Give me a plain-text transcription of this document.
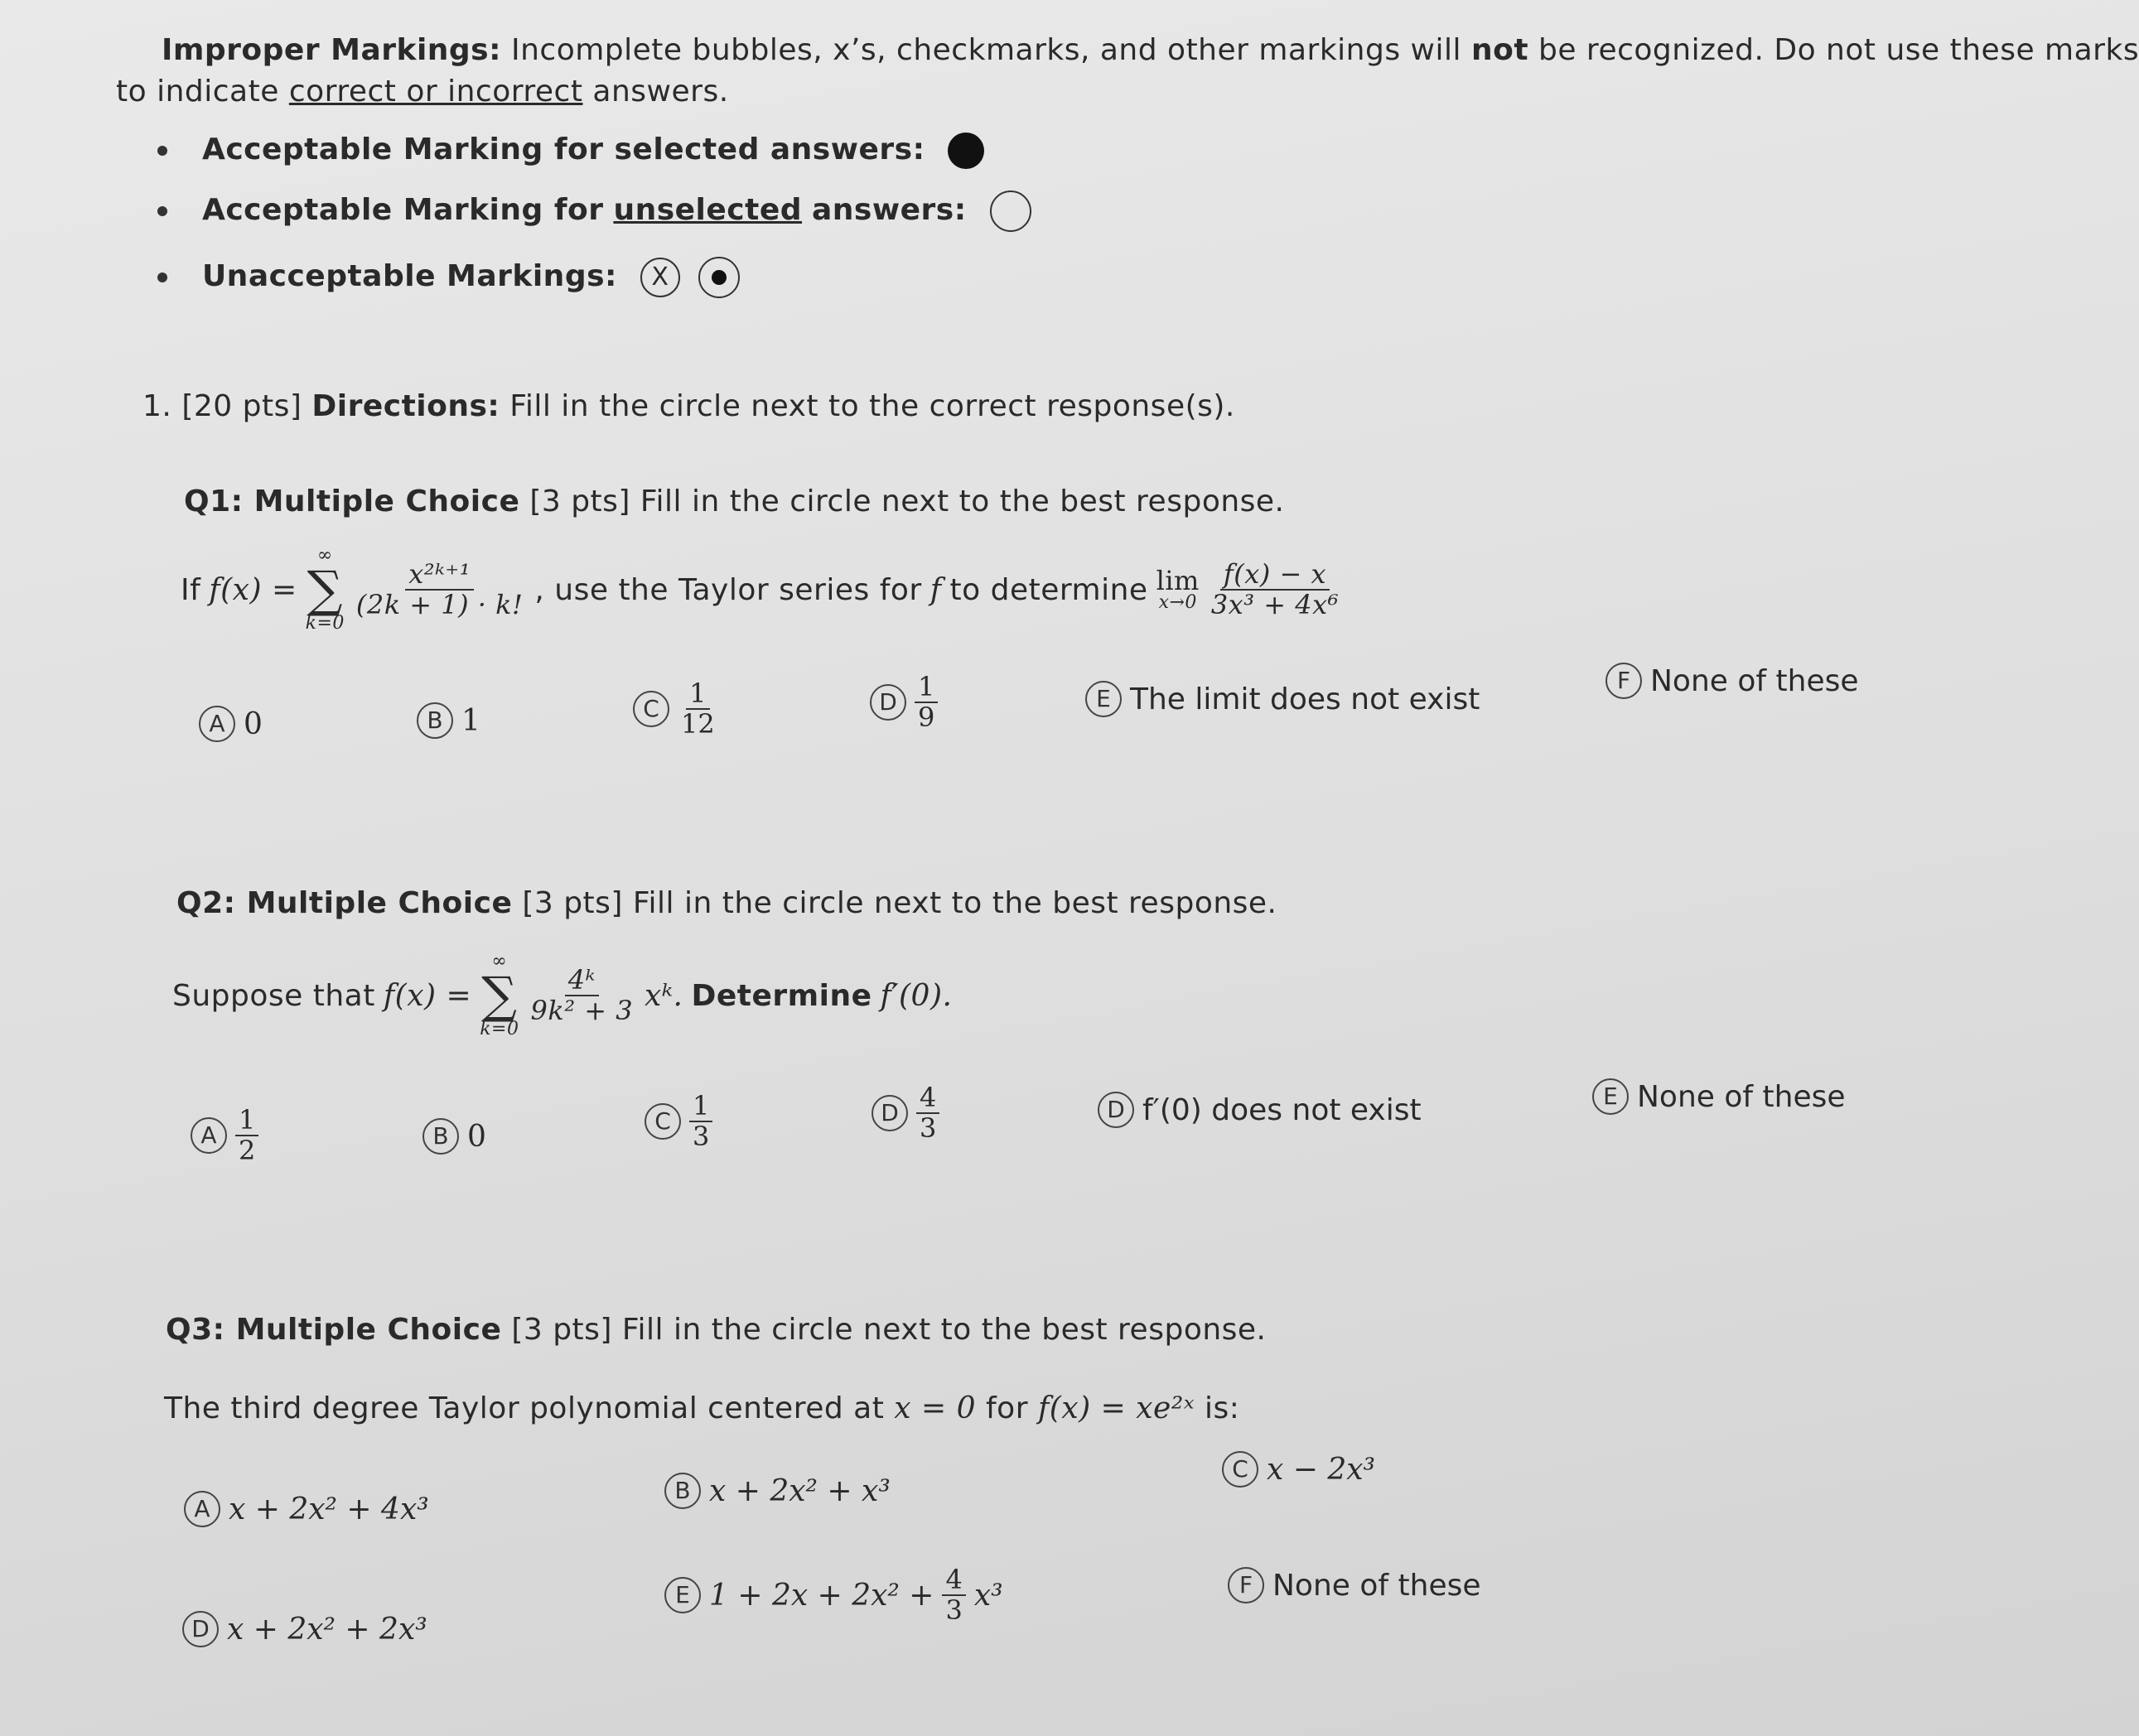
Improper Markings: Incomplete bubbles, x’s, checkmarks, and other markings will not be recognized. Do not use these marks
to indicate correct or incorrect answers.
Acceptable Marking for selected answers:
Acceptable Marking for unselected answers:
Unacceptable Markings: X
1. [20 pts] Directions: Fill in the circle next to the correct response(s).
Q1: Multiple Choice [3 pts] Fill in the circle next to the best response.
If f(x) =
∞
∑
k=0
$\frac{\text{x²ᵏ⁺¹}}{(2k + 1) \cdot k!}$ , use the Taylor series for f to determine lim
$x\to 0 \frac{f(x) - x}{\text{3x³ + 4x⁶}}$
A 0	B 1	C $\frac{1}{12}$	D $\frac{1}{9}$	E The limit does not exist
F None of these
Q2: Multiple Choice [3 pts] Fill in the circle next to the best response.
Suppose that f(x) =
∞
∑
k=0
$\frac{\text{4ᵏ}}{\text{9k² + 3}}$ xᵏ. Determine f′(0).
A $\frac{1}{2}$	B 0	C $\frac{1}{3}$	D $\frac{4}{3}$	D f′(0) does not exist	E None of these
Q3: Multiple Choice [3 pts] Fill in the circle next to the best response.
The third degree Taylor polynomial centered at x = 0 for f(x) = xe²ˣ is:
A x + 2x² + 4x³
B x + 2x² + x³
C x − 2x³
D x + 2x² + 2x³
E $1 + 2x + 2x^2 + \frac{4}{3} x^3$	F None of these
